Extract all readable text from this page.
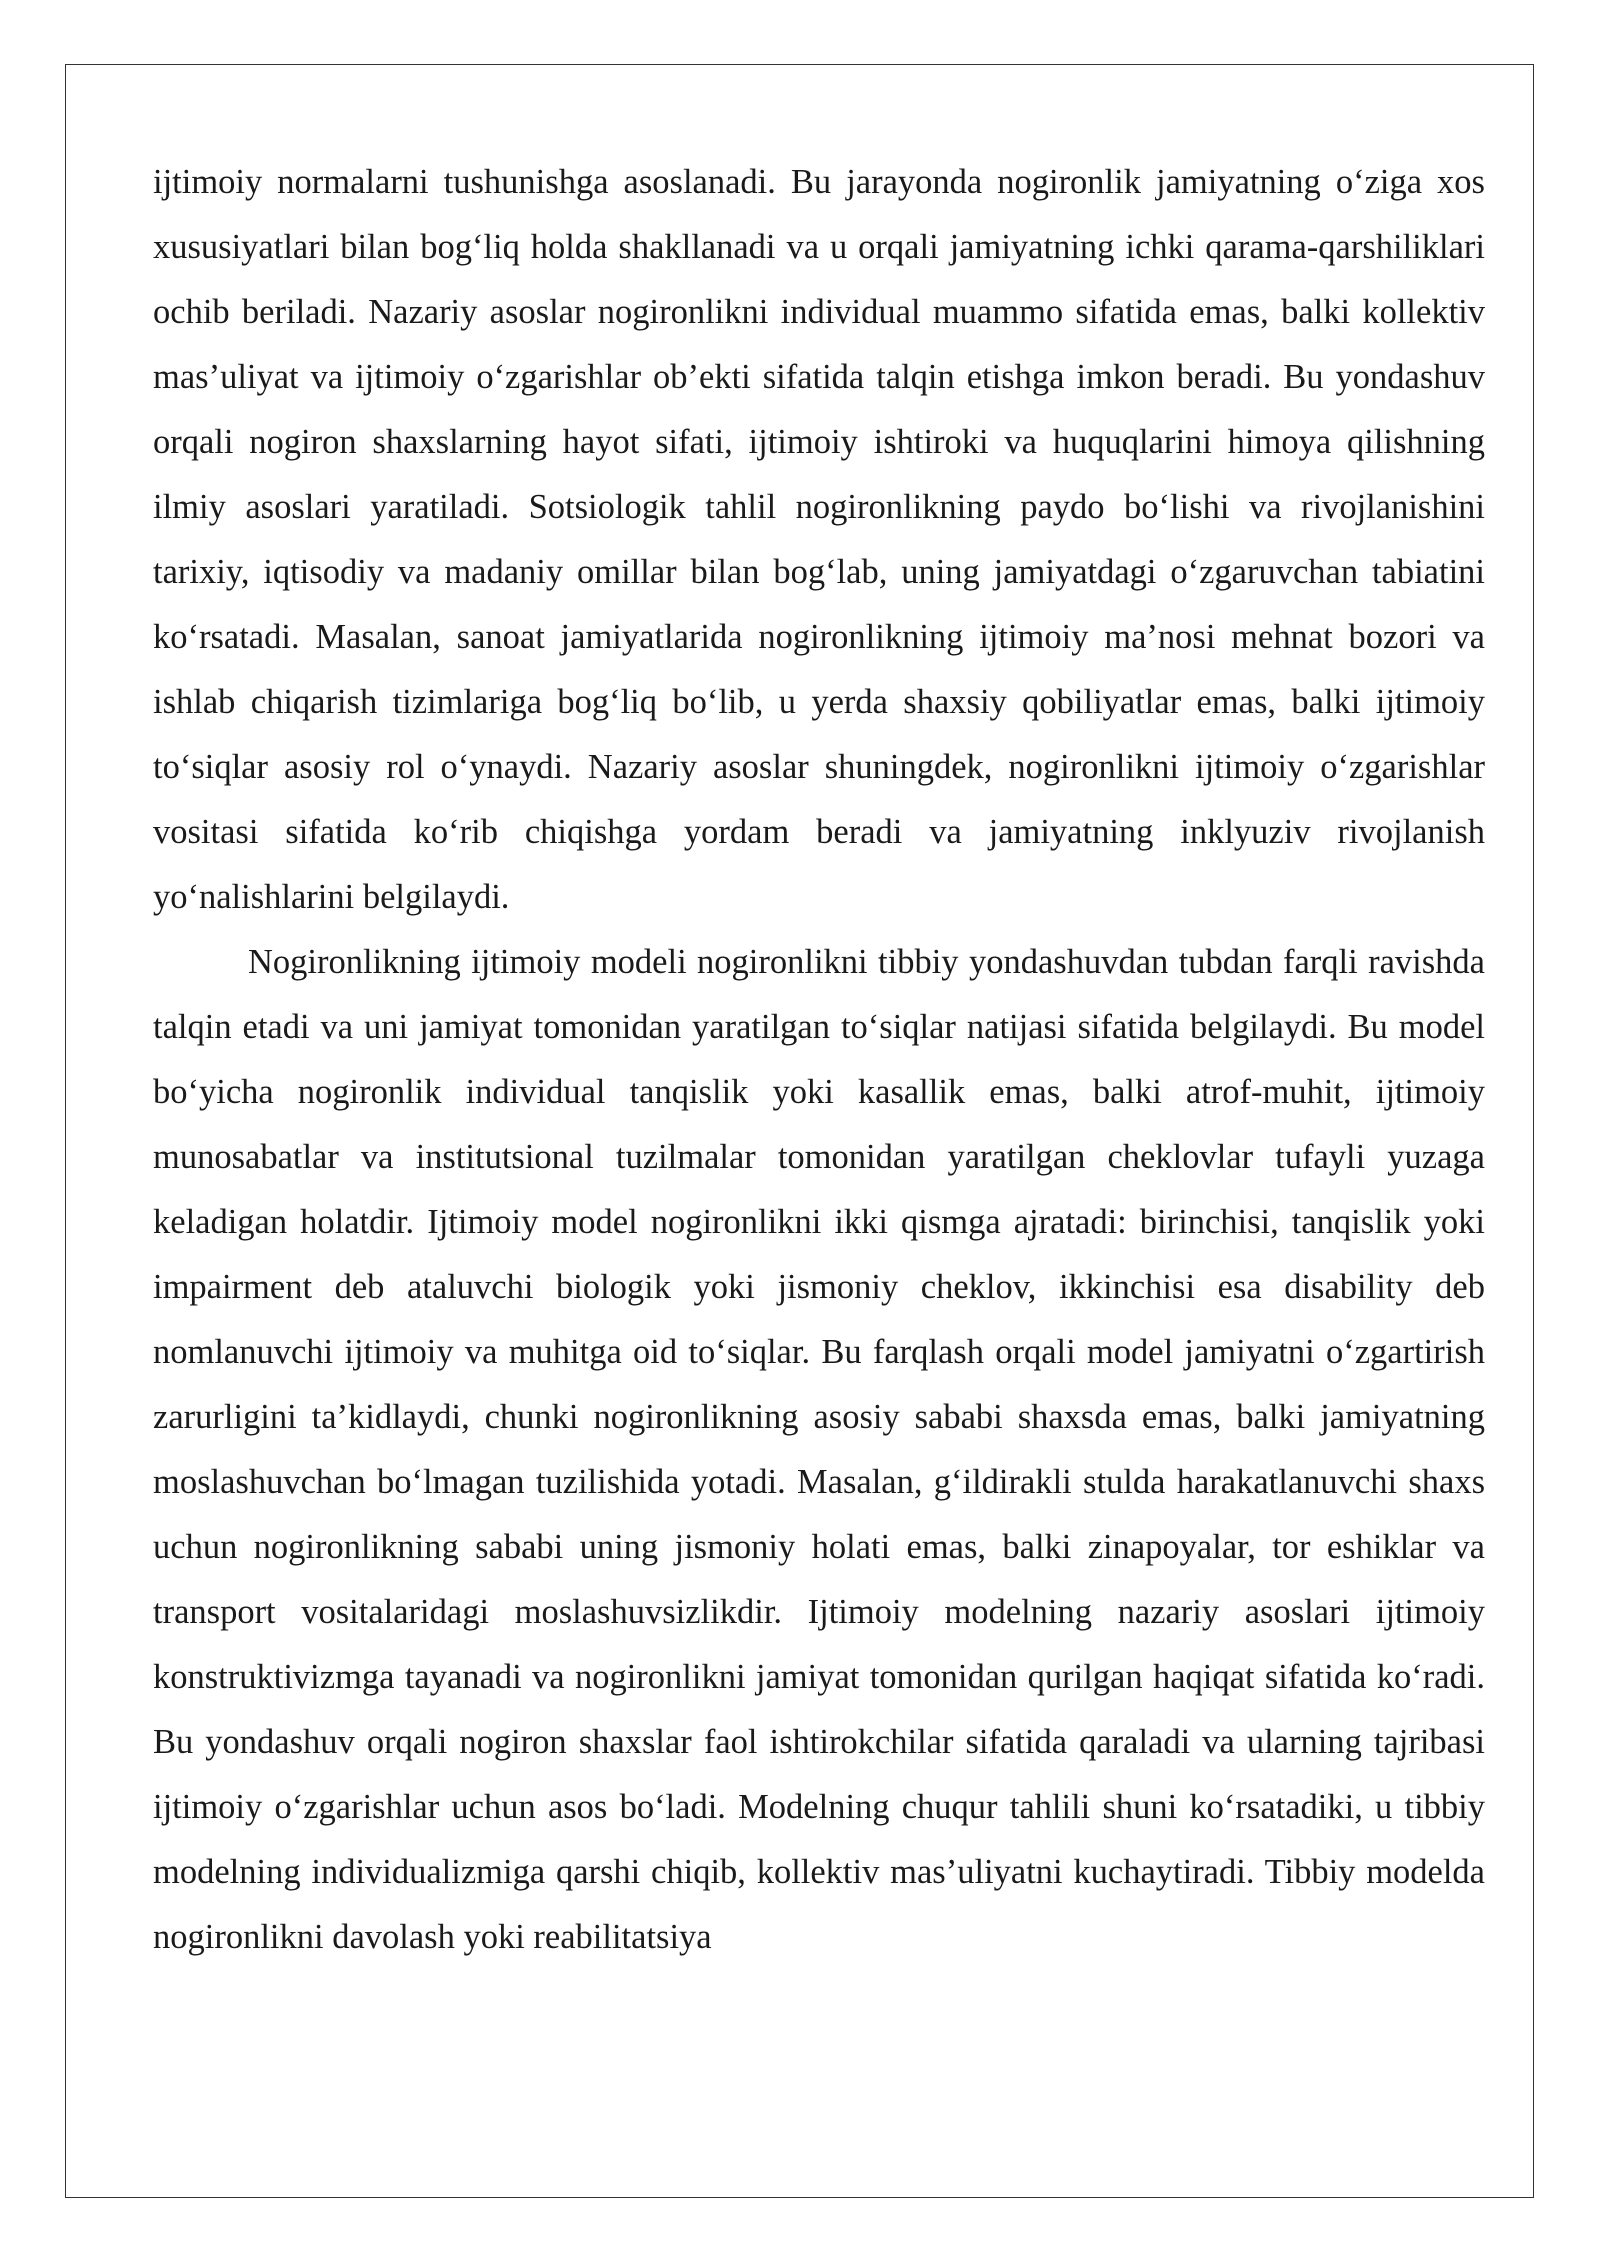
ijtimoiy normalarni tushunishga asoslanadi. Bu jarayonda nogironlik jamiyatning o‘ziga xos xususiyatlari bilan bog‘liq holda shakllanadi va u orqali jamiyatning ichki qarama-qarshiliklari ochib beriladi. Nazariy asoslar nogironlikni individual muammo sifatida emas, balki kollektiv mas’uliyat va ijtimoiy o‘zgarishlar ob’ekti sifatida talqin etishga imkon beradi. Bu yondashuv orqali nogiron shaxslarning hayot sifati, ijtimoiy ishtiroki va huquqlarini himoya qilishning ilmiy asoslari yaratiladi. Sotsiologik tahlil nogironlikning paydo bo‘lishi va rivojlanishini tarixiy, iqtisodiy va madaniy omillar bilan bog‘lab, uning jamiyatdagi o‘zgaruvchan tabiatini ko‘rsatadi. Masalan, sanoat jamiyatlarida nogironlikning ijtimoiy ma’nosi mehnat bozori va ishlab chiqarish tizimlariga bog‘liq bo‘lib, u yerda shaxsiy qobiliyatlar emas, balki ijtimoiy to‘siqlar asosiy rol o‘ynaydi. Nazariy asoslar shuningdek, nogironlikni ijtimoiy o‘zgarishlar vositasi sifatida ko‘rib chiqishga yordam beradi va jamiyatning inklyuziv rivojlanish yo‘nalishlarini belgilaydi.

Nogironlikning ijtimoiy modeli nogironlikni tibbiy yondashuvdan tubdan farqli ravishda talqin etadi va uni jamiyat tomonidan yaratilgan to‘siqlar natijasi sifatida belgilaydi. Bu model bo‘yicha nogironlik individual tanqislik yoki kasallik emas, balki atrof-muhit, ijtimoiy munosabatlar va institutsional tuzilmalar tomonidan yaratilgan cheklovlar tufayli yuzaga keladigan holatdir. Ijtimoiy model nogironlikni ikki qismga ajratadi: birinchisi, tanqislik yoki impairment deb ataluvchi biologik yoki jismoniy cheklov, ikkinchisi esa disability deb nomlanuvchi ijtimoiy va muhitga oid to‘siqlar. Bu farqlash orqali model jamiyatni o‘zgartirish zarurligini ta’kidlaydi, chunki nogironlikning asosiy sababi shaxsda emas, balki jamiyatning moslashuvchan bo‘lmagan tuzilishida yotadi. Masalan, g‘ildirakli stulda harakatlanuvchi shaxs uchun nogironlikning sababi uning jismoniy holati emas, balki zinapoyalar, tor eshiklar va transport vositalaridagi moslashuvsizlikdir. Ijtimoiy modelning nazariy asoslari ijtimoiy konstruktivizmga tayanadi va nogironlikni jamiyat tomonidan qurilgan haqiqat sifatida ko‘radi. Bu yondashuv orqali nogiron shaxslar faol ishtirokchilar sifatida qaraladi va ularning tajribasi ijtimoiy o‘zgarishlar uchun asos bo‘ladi. Modelning chuqur tahlili shuni ko‘rsatadiki, u tibbiy modelning individualizmiga qarshi chiqib, kollektiv mas’uliyatni kuchaytiradi. Tibbiy modelda nogironlikni davolash yoki reabilitatsiya
